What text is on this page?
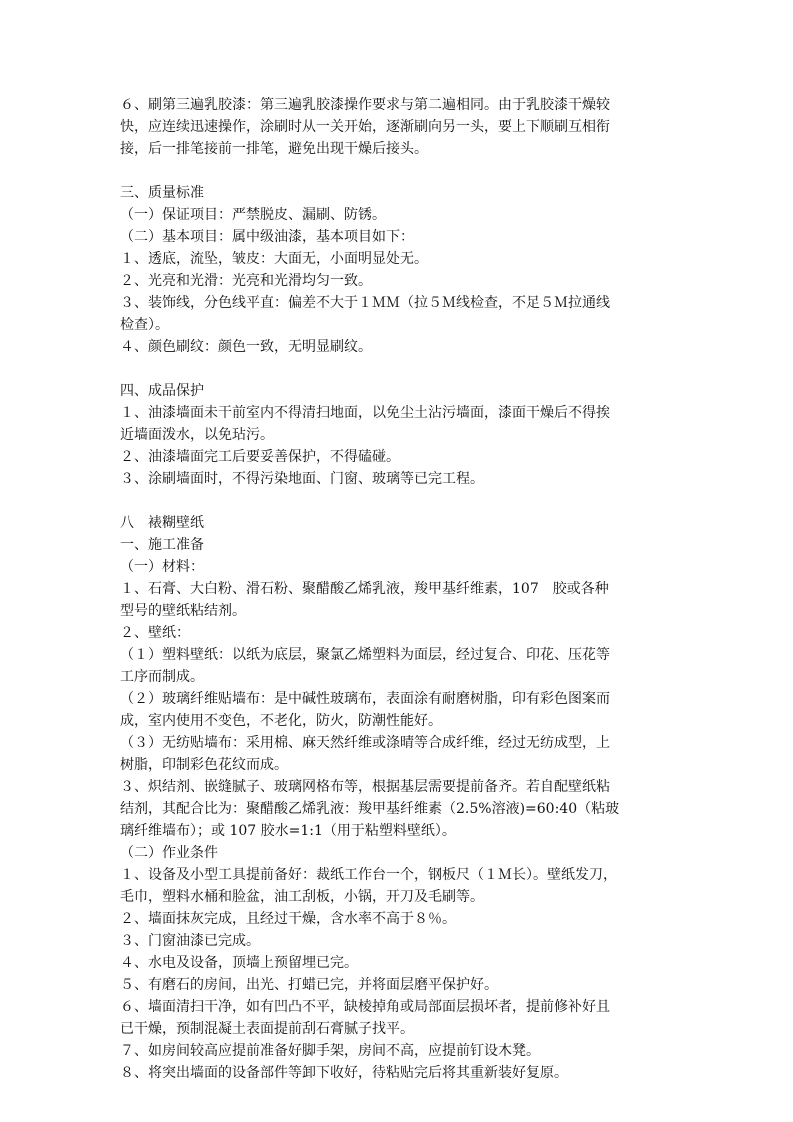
６、刷第三遍乳胶漆：第三遍乳胶漆操作要求与第二遍相同。由于乳胶漆干燥较
快，应连续迅速操作，涂刷时从一关开始，逐渐刷向另一头，要上下顺刷互相衔
接，后一排笔接前一排笔，避免出现干燥后接头。
三、质量标准
（一）保证项目：严禁脱皮、漏刷、防锈。
（二）基本项目：属中级油漆，基本项目如下：
１、透底，流坠，皱皮：大面无，小面明显处无。
２、光亮和光滑：光亮和光滑均匀一致。
３、装饰线，分色线平直：偏差不大于１ＭＭ（拉５Ｍ线检查，不足５Ｍ拉通线
检查）。
４、颜色刷纹：颜色一致，无明显刷纹。
四、成品保护
１、油漆墙面未干前室内不得清扫地面，以免尘土沾污墙面，漆面干燥后不得挨
近墙面泼水，以免玷污。
２、油漆墙面完工后要妥善保护，不得磕碰。
３、涂刷墙面时，不得污染地面、门窗、玻璃等已完工程。
八　裱糊壁纸
一、施工准备
（一）材料：
１、石膏、大白粉、滑石粉、聚醋酸乙烯乳液，羧甲基纤维素，107　胶或各种
型号的壁纸粘结剂。
２、壁纸：
（１）塑料壁纸：以纸为底层，聚氯乙烯塑料为面层，经过复合、印花、压花等
工序而制成。
（２）玻璃纤维贴墙布：是中碱性玻璃布，表面涂有耐磨树脂，印有彩色图案而
成，室内使用不变色，不老化，防火，防潮性能好。
（３）无纺贴墙布：采用棉、麻天然纤维或涤晴等合成纤维，经过无纺成型，上
树脂，印制彩色花纹而成。
３、炽结剂、嵌缝腻子、玻璃网格布等，根据基层需要提前备齐。若自配壁纸粘
结剂，其配合比为：聚醋酸乙烯乳液：羧甲基纤维素（2.5%溶液)=60:40（粘玻
璃纤维墙布）；或 107 胶水=1:1（用于粘塑料壁纸）。
（二）作业条件
１、设备及小型工具提前备好：裁纸工作台一个，钢板尺（１Ｍ长）。壁纸发刀，
毛巾，塑料水桶和脸盆，油工刮板，小锅，开刀及毛刷等。
２、墙面抹灰完成，且经过干燥，含水率不高于８％。
３、门窗油漆已完成。
４、水电及设备，顶墙上预留埋已完。
５、有磨石的房间，出光、打蜡已完，并将面层磨平保护好。
６、墙面清扫干净，如有凹凸不平，缺棱掉角或局部面层损坏者，提前修补好且
已干燥，预制混凝土表面提前刮石膏腻子找平。
７、如房间较高应提前准备好脚手架，房间不高，应提前钉设木凳。
８、将突出墙面的设备部件等卸下收好，待粘贴完后将其重新装好复原。
